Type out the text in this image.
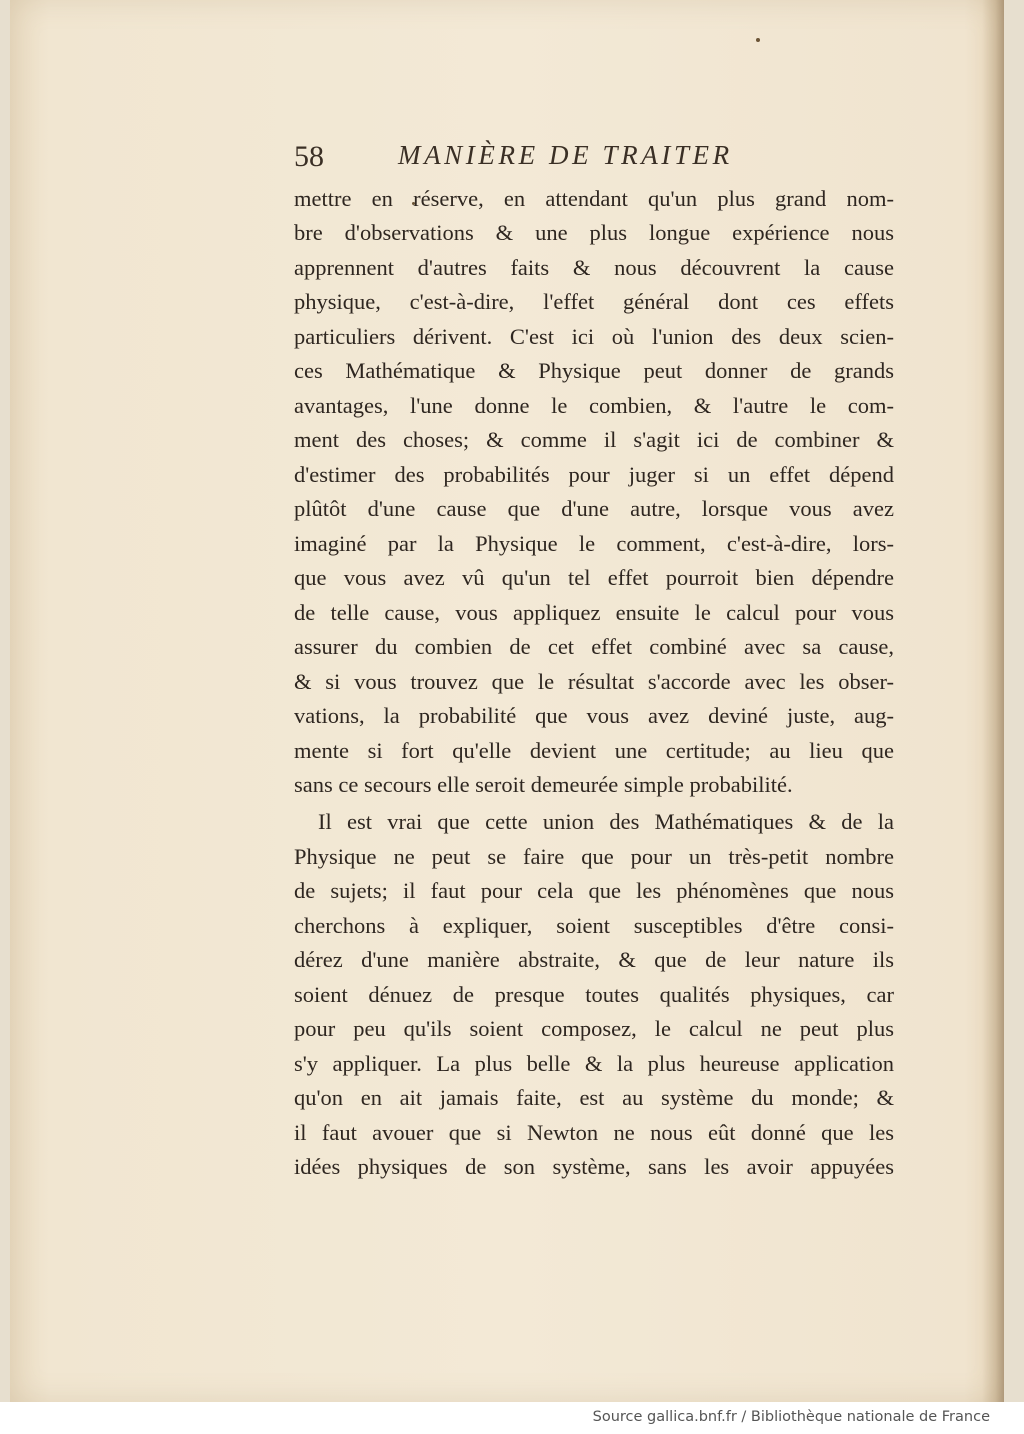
58	MANIÈRE DE TRAITER
mettre en réserve, en attendant qu'un plus grand nom-
bre d'observations & une plus longue expérience nous
apprennent d'autres faits & nous découvrent la cause
physique, c'est-à-dire, l'effet général dont ces effets
particuliers dérivent. C'est ici où l'union des deux scien-
ces Mathématique & Physique peut donner de grands
avantages, l'une donne le combien, & l'autre le com-
ment des choses; & comme il s'agit ici de combiner &
d'estimer des probabilités pour juger si un effet dépend
plûtôt d'une cause que d'une autre, lorsque vous avez
imaginé par la Physique le comment, c'est-à-dire, lors-
que vous avez vû qu'un tel effet pourroit bien dépendre
de telle cause, vous appliquez ensuite le calcul pour vous
assurer du combien de cet effet combiné avec sa cause,
& si vous trouvez que le résultat s'accorde avec les obser-
vations, la probabilité que vous avez deviné juste, aug-
mente si fort qu'elle devient une certitude; au lieu que
sans ce secours elle seroit demeurée simple probabilité.
Il est vrai que cette union des Mathématiques & de la
Physique ne peut se faire que pour un très-petit nombre
de sujets; il faut pour cela que les phénomènes que nous
cherchons à expliquer, soient susceptibles d'être consi-
dérez d'une manière abstraite, & que de leur nature ils
soient dénuez de presque toutes qualités physiques, car
pour peu qu'ils soient composez, le calcul ne peut plus
s'y appliquer. La plus belle & la plus heureuse application
qu'on en ait jamais faite, est au système du monde; &
il faut avouer que si Newton ne nous eût donné que les
idées physiques de son système, sans les avoir appuyées
Source gallica.bnf.fr / Bibliothèque nationale de France
